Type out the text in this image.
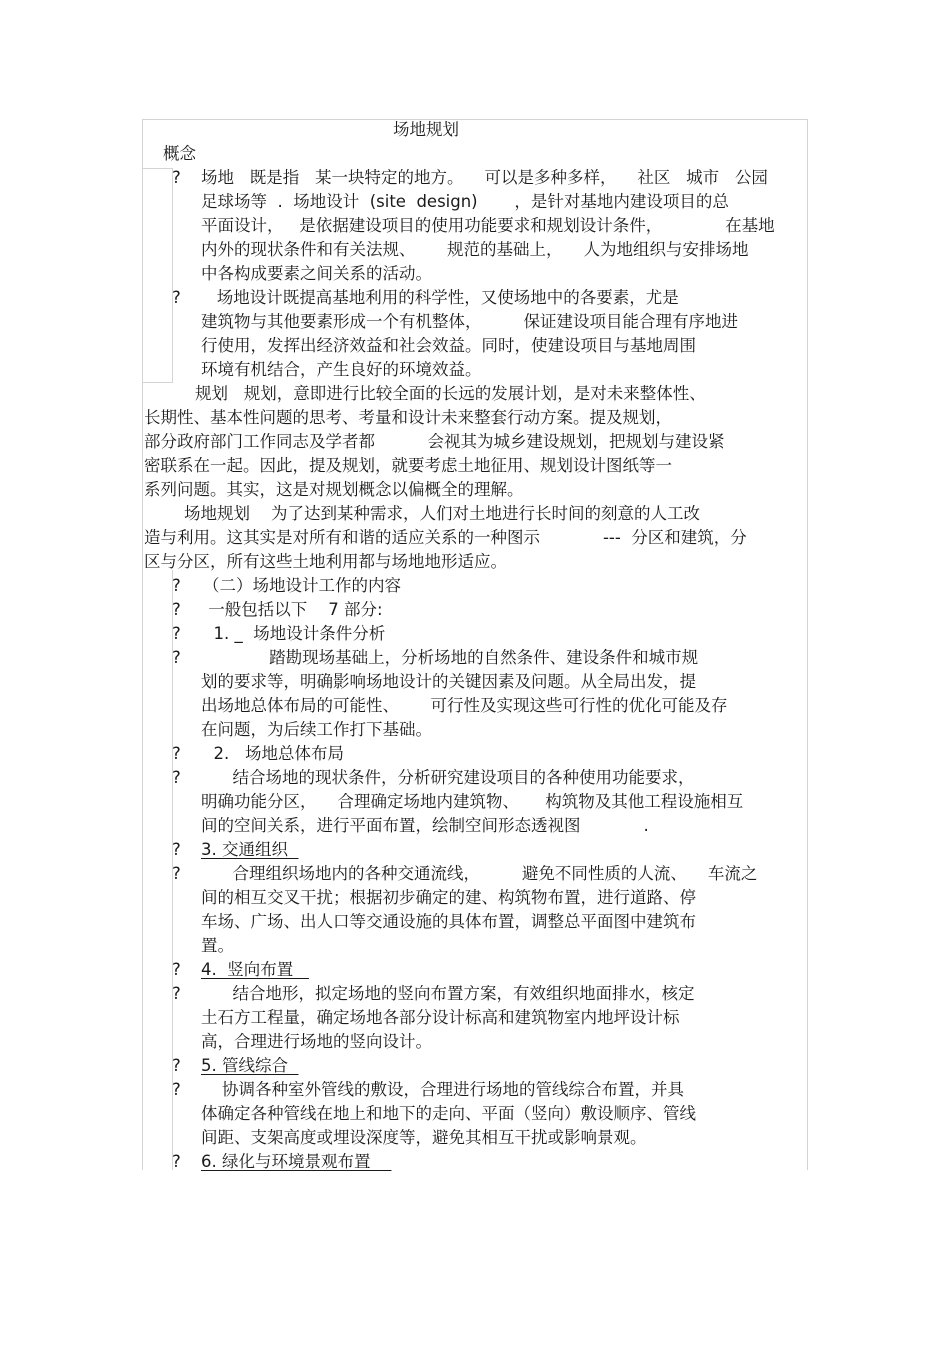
场地规划
概念
?
?
?
?
?
?
?
?
?
?
?
?
?
?
?
场地   既是指   某一块特定的地方。    可以是多种多样，    社区   城市   公园
足球场等  .  场地设计  (site  design)       ，是针对基地内建设项目的总
平面设计，   是依据建设项目的使用功能要求和规划设计条件，            在基地
内外的现状条件和有关法规、      规范的基础上，    人为地组织与安排场地
中各构成要素之间关系的活动。
场地设计既提高基地利用的科学性，又使场地中的各要素，尤是
建筑物与其他要素形成一个有机整体，        保证建设项目能合理有序地进
行使用，发挥出经济效益和社会效益。同时，使建设项目与基地周围
环境有机结合，产生良好的环境效益。
规划   规划，意即进行比较全面的长远的发展计划，是对未来整体性、
长期性、基本性问题的思考、考量和设计未来整套行动方案。提及规划，
部分政府部门工作同志及学者都          会视其为城乡建设规划，把规划与建设紧
密联系在一起。因此，提及规划，就要考虑土地征用、规划设计图纸等一
系列问题。其实，这是对规划概念以偏概全的理解。
场地规划    为了达到某种需求，人们对土地进行长时间的刻意的人工改
造与利用。这其实是对所有和谐的适应关系的一种图示            ---  分区和建筑，分
区与分区，所有这些土地利用都与场地地形适应。
（二）场地设计工作的内容
一般包括以下    7 部分:
1. _  场地设计条件分析
踏勘现场基础上，分析场地的自然条件、建设条件和城市规
划的要求等，明确影响场地设计的关键因素及问题。从全局出发，提
出场地总体布局的可能性、      可行性及实现这些可行性的优化可能及存
在问题，为后续工作打下基础。
2.   场地总体布局
结合场地的现状条件，分析研究建设项目的各种使用功能要求，
明确功能分区，    合理确定场地内建筑物、     构筑物及其他工程设施相互
间的空间关系，进行平面布置，绘制空间形态透视图            .
3. 交通组织
合理组织场地内的各种交通流线，        避免不同性质的人流、    车流之
间的相互交叉干扰；根据初步确定的建、构筑物布置，进行道路、停
车场、广场、出人口等交通设施的具体布置，调整总平面图中建筑布
置。
4.  竖向布置
结合地形，拟定场地的竖向布置方案，有效组织地面排水，核定
土石方工程量，确定场地各部分设计标高和建筑物室内地坪设计标
高，合理进行场地的竖向设计。
5. 管线综合
协调各种室外管线的敷设，合理进行场地的管线综合布置，并具
体确定各种管线在地上和地下的走向、平面（竖向）敷设顺序、管线
间距、支架高度或埋设深度等，避免其相互干扰或影响景观。
6. 绿化与环境景观布置
